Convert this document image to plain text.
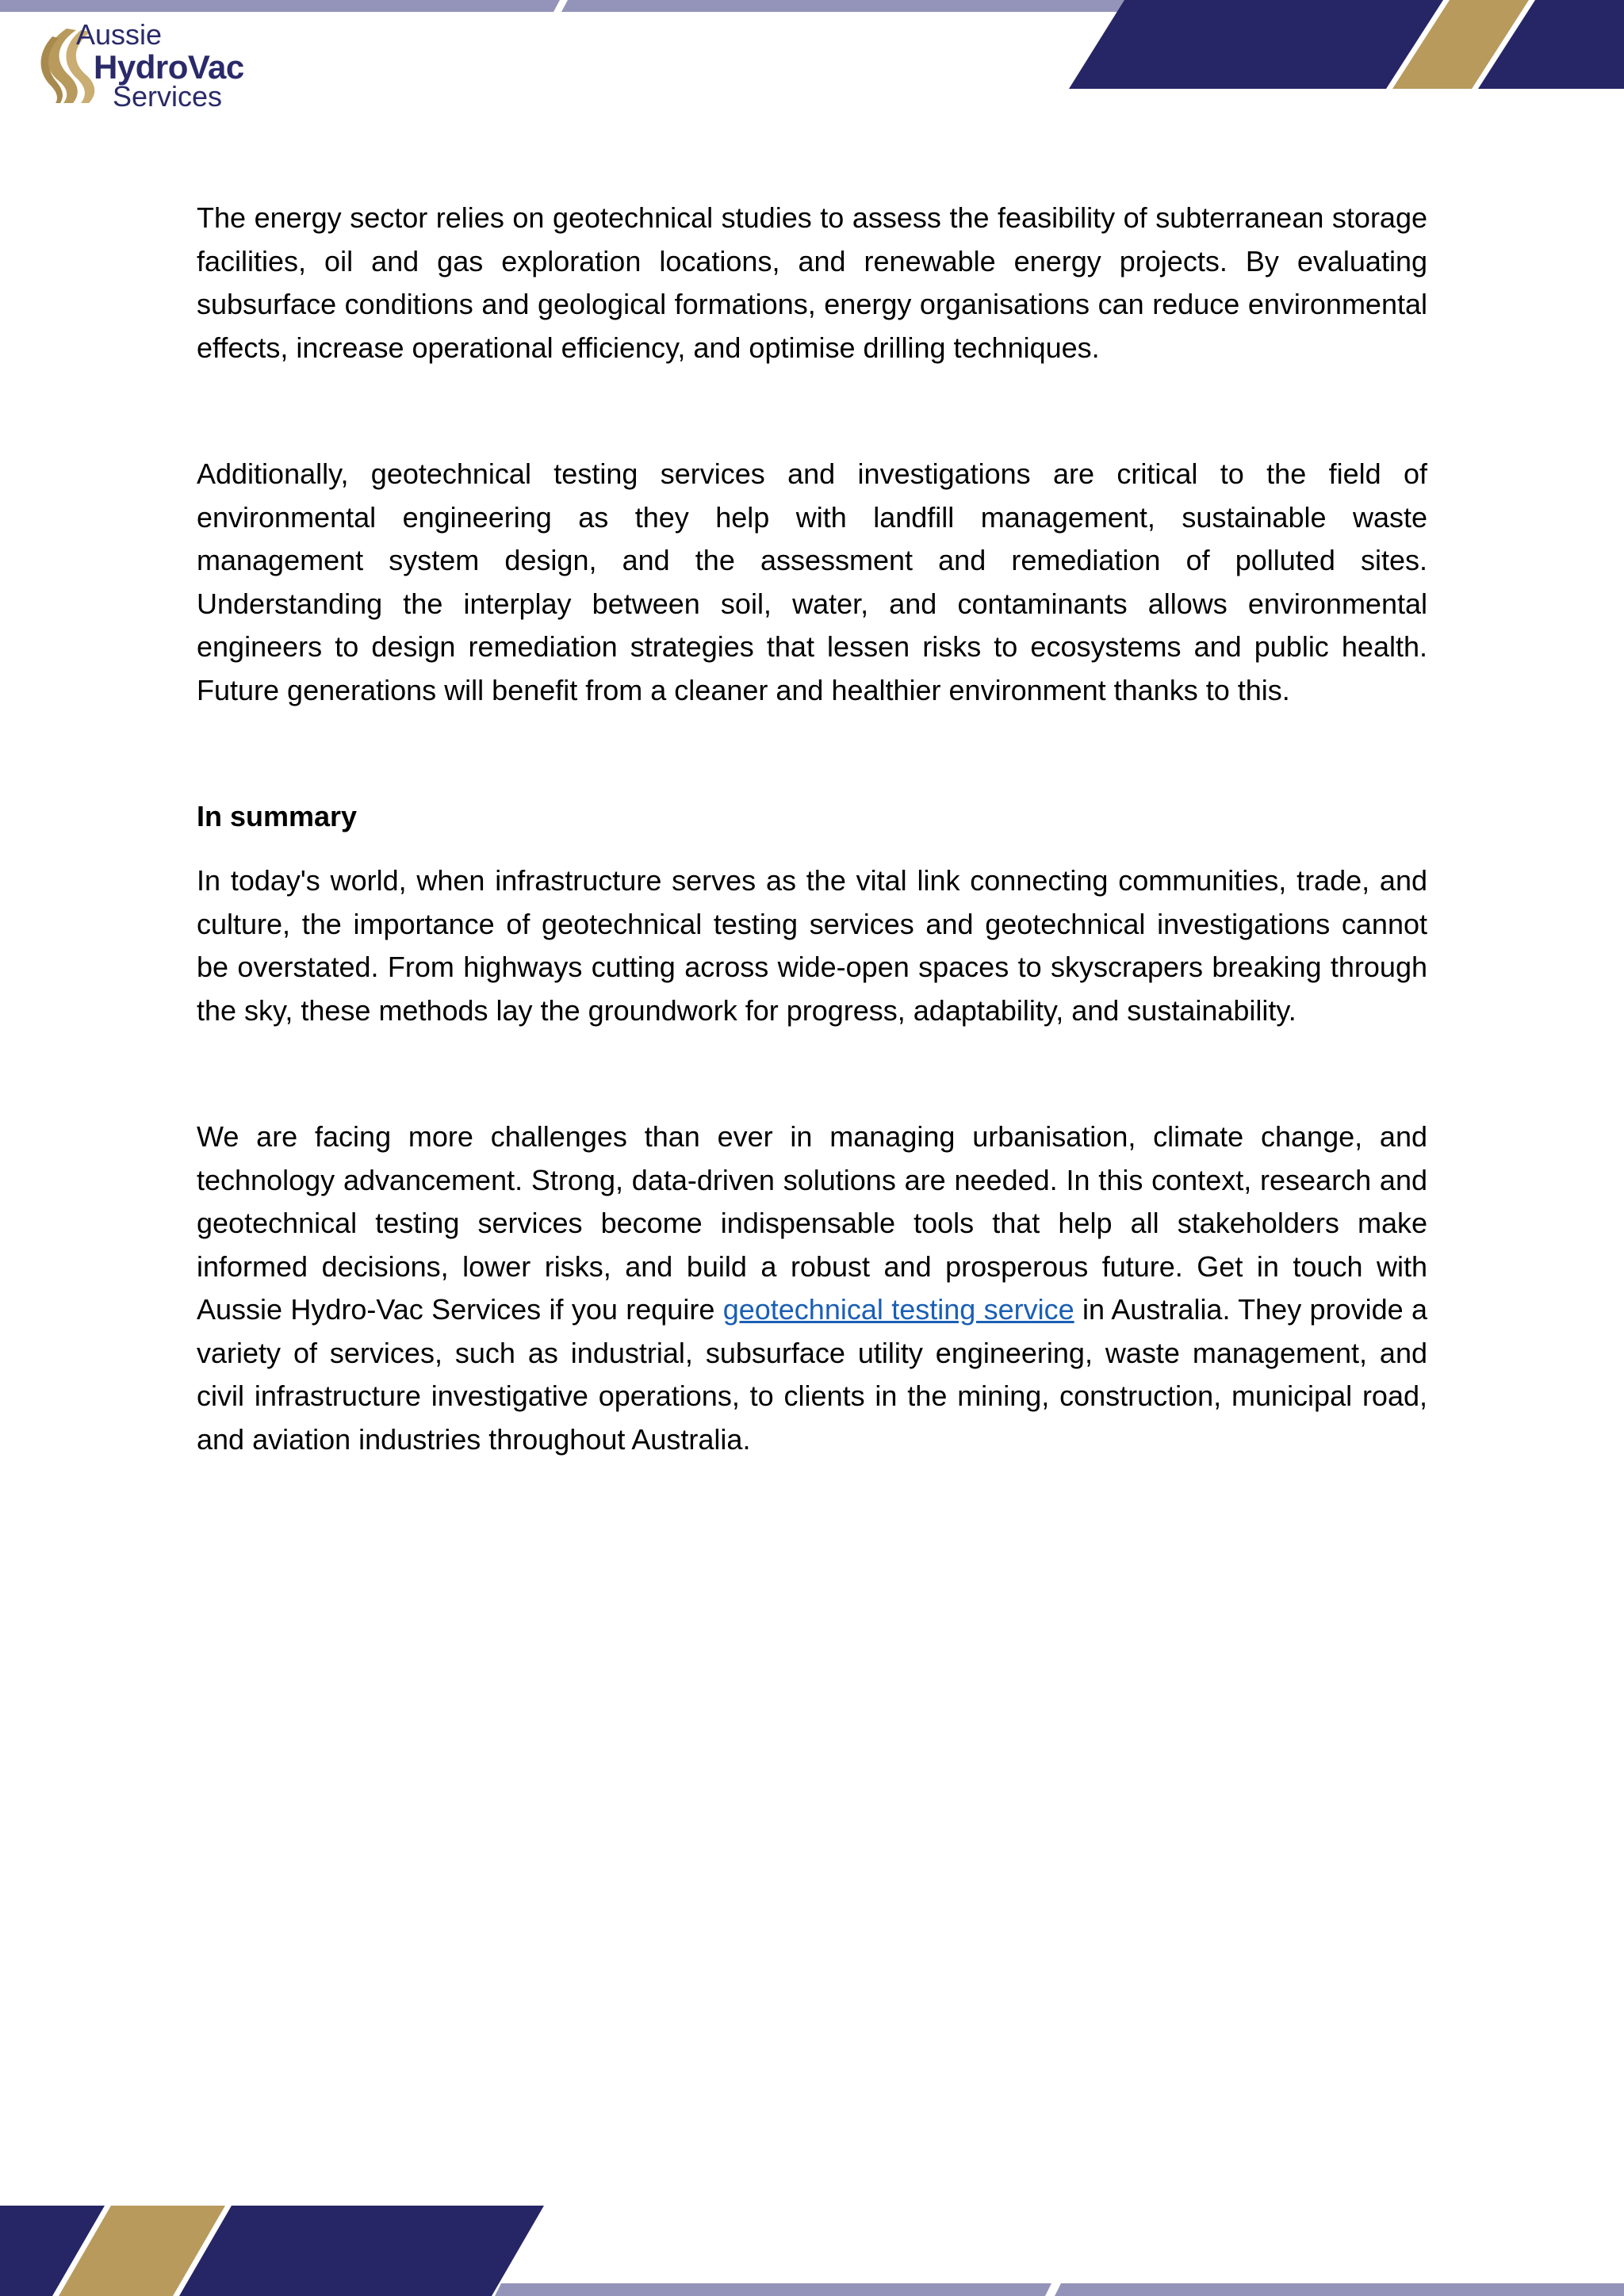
Aussie
HydroVac
Services

The energy sector relies on geotechnical studies to assess the feasibility of subterranean storage facilities, oil and gas exploration locations, and renewable energy projects. By evaluating subsurface conditions and geological formations, energy organisations can reduce environmental effects, increase operational efficiency, and optimise drilling techniques.

Additionally, geotechnical testing services and investigations are critical to the field of environmental engineering as they help with landfill management, sustainable waste management system design, and the assessment and remediation of polluted sites. Understanding the interplay between soil, water, and contaminants allows environmental engineers to design remediation strategies that lessen risks to ecosystems and public health. Future generations will benefit from a cleaner and healthier environment thanks to this.

In summary

In today's world, when infrastructure serves as the vital link connecting communities, trade, and culture, the importance of geotechnical testing services and geotechnical investigations cannot be overstated. From highways cutting across wide-open spaces to skyscrapers breaking through the sky, these methods lay the groundwork for progress, adaptability, and sustainability.

We are facing more challenges than ever in managing urbanisation, climate change, and technology advancement. Strong, data-driven solutions are needed. In this context, research and geotechnical testing services become indispensable tools that help all stakeholders make informed decisions, lower risks, and build a robust and prosperous future. Get in touch with Aussie Hydro-Vac Services if you require geotechnical testing service in Australia. They provide a variety of services, such as industrial, subsurface utility engineering, waste management, and civil infrastructure investigative operations, to clients in the mining, construction, municipal road, and aviation industries throughout Australia.
